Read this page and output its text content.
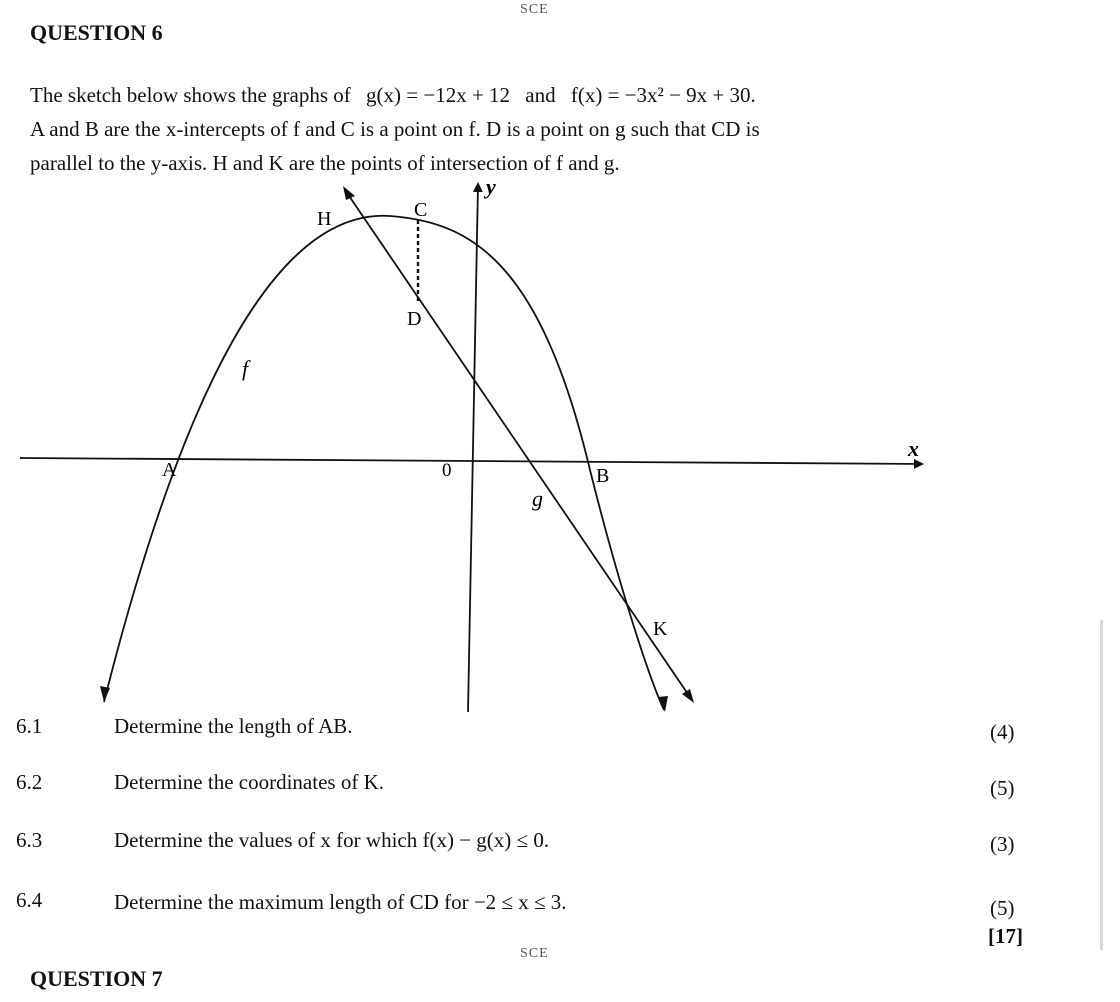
SCE
QUESTION 6
The sketch below shows the graphs of g(x) = −12x + 12 and f(x) = −3x² − 9x + 30.
A and B are the x-intercepts of f and C is a point on f. D is a point on g such that CD is
parallel to the y-axis. H and K are the points of intersection of f and g.
y
x
0
A	B
C
D
H
K
f
g
6.1	Determine the length of AB.	(4)
6.2	Determine the coordinates of K.	(5)
6.3	Determine the values of x for which f(x) − g(x) ≤ 0.	(3)
6.4	Determine the maximum length of CD for −2 ≤ x ≤ 3.	(5)
[17]
SCE
QUESTION 7
